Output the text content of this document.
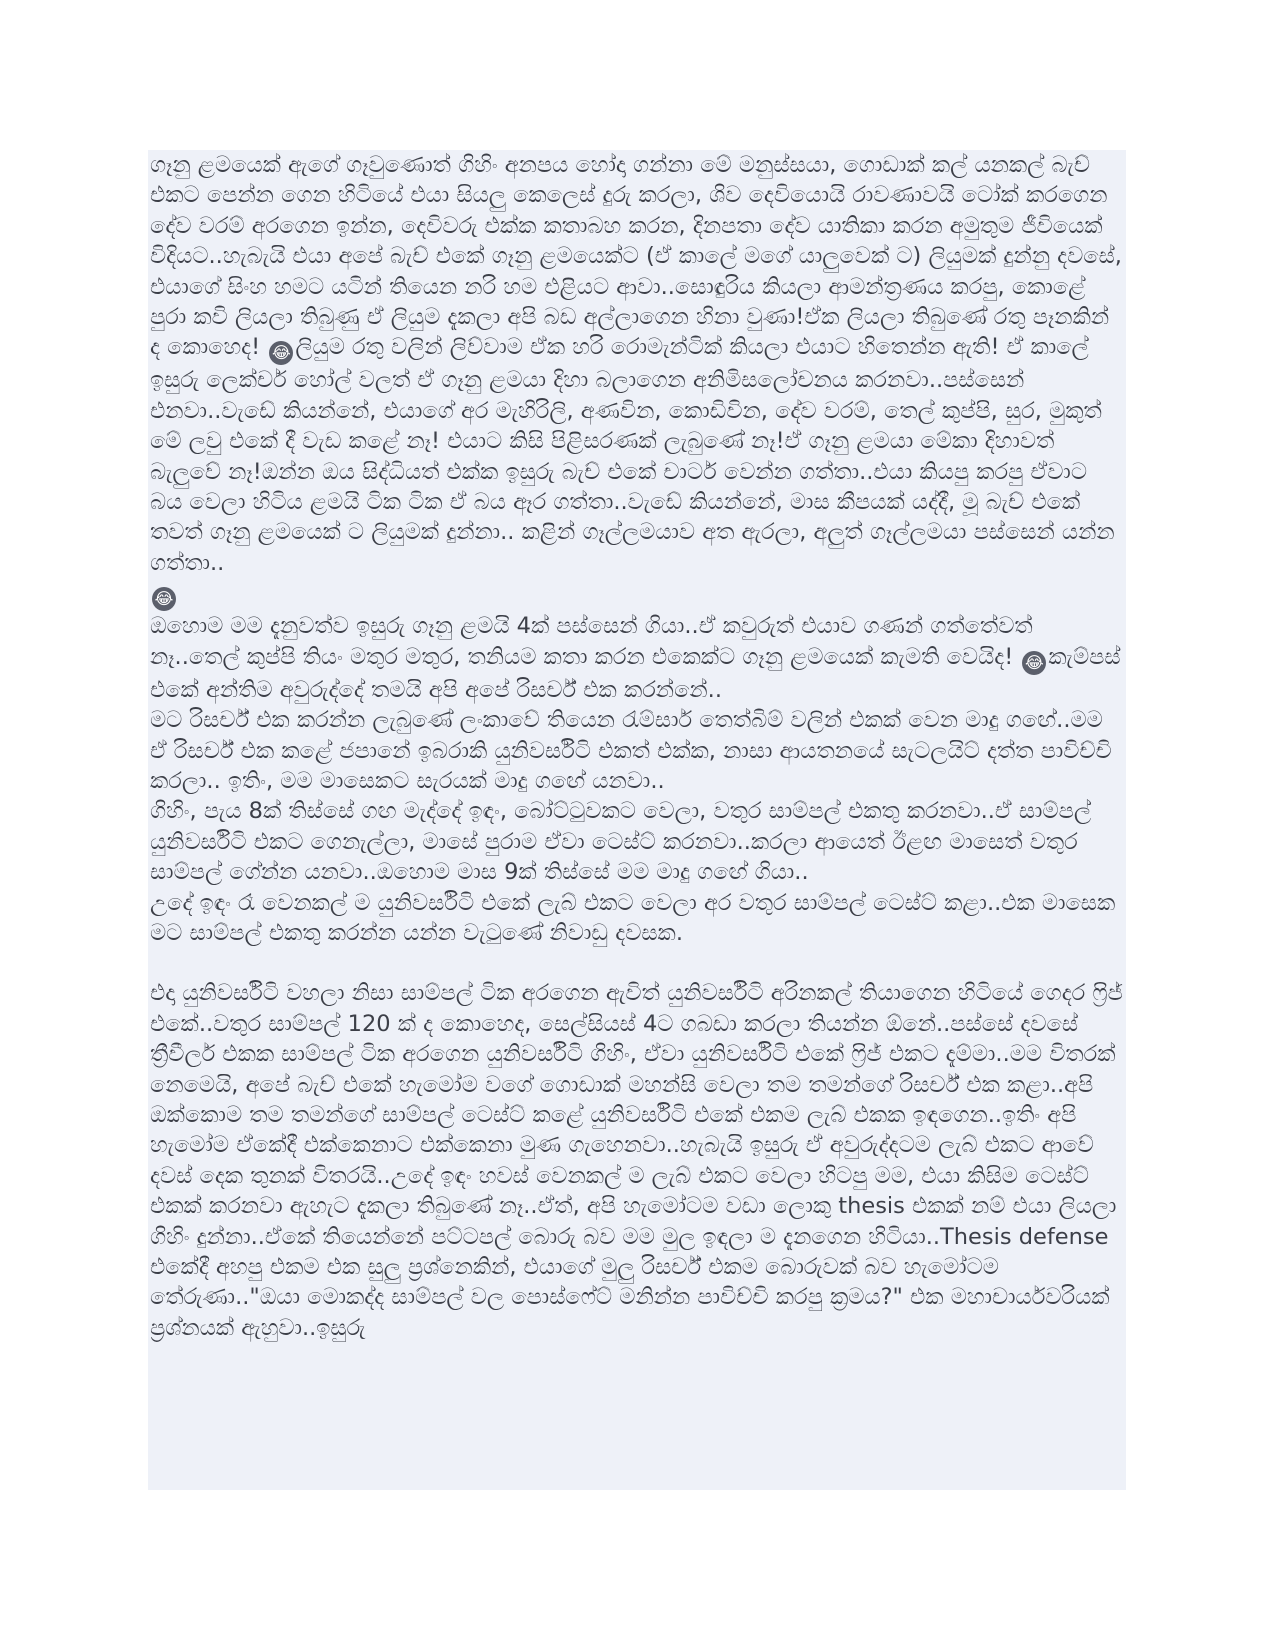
ගෑනු ළමයෙක් ඇගේ ගෑවුණොත් ගිහිං අනපය හෝදා ගන්නා මේ මනුස්සයා, ගොඩාක් කල් යනකල් බැච් එකට පෙන්න ගෙන හිටියේ එයා සියලු කෙලෙස් දුරු කරලා, ශිව දෙවියොයි රාවණාවයි ටෝක් කරගෙන දේව වරම් අරගෙන ඉන්න, දෙවිවරු එක්ක කතාබහ කරන, දිනපතා දේව යාතිකා කරන අමුතුම ජීවියෙක් විදියට..හැබැයි එයා අපේ බැච් එකේ ගෑනු ළමයෙක්ට (ඒ කාලේ මගේ යාලුවෙක් ට) ලියුමක් දුන්නු දවසේ, එයාගේ සිංහ හමට යටින් තියෙන නරි හම එළියට ආවා..සොඳුරිය කියලා ආමන්ත්‍රණය කරපු, කොළේ පුරා කවි ලියලා තිබුණු ඒ ලියුම දැකලා අපි බඩ අල්ලාගෙන හිනා වුණා!ඒක ලියලා තිබුණේ රතු පෑනකින් ද කොහෙද! 😂 ලියුම රතු වලින් ලිව්වාම ඒක හරි රොමැන්ටික් කියලා එයාට හිතෙන්න ඇති! ඒ කාලේ ඉසුරු ලෙක්චර් හෝල් වලත් ඒ ගෑනු ළමයා දිහා බලාගෙන අනිමිසලෝචනය කරනවා..පස්සෙන් එනවා..වැඩේ කියන්නේ, එයාගේ අර මැහිරිලි, අණවින, කොඩිවින, දේව වරම්, තෙල් කුප්පි, සුර, මුකුත් මේ ලවු එකේ දී වැඩ කළේ නෑ! එයාට කිසි පිළිසරණක් ලැබුණේ නෑ!ඒ ගෑනු ළමයා මේකා දිහාවත් බැලුවේ නෑ!ඔන්න ඔය සිද්ධියත් එක්ක ඉසුරු බැච් එකේ චාටර් වෙන්න ගත්තා..එයා කියපු කරපු ඒවාට බය වෙලා හිටිය ළමයි ටික ටික ඒ බය ඈර ගත්තා..වැඩේ කියන්නේ, මාස කීපයක් යද්දී, මූ බැච් එකේ තවත් ගෑනු ළමයෙක් ට ලියුමක් දුන්නා.. කළින් ගෑල්ලමයාව අත ඇරලා, අලුත් ගෑල්ලමයා පස්සෙන් යන්න ගත්තා..
😂

ඔහොම මම දැනුවත්ව ඉසුරු ගෑනු ළමයි 4ක් පස්සෙන් ගියා..ඒ කවුරුත් එයාව ගණන් ගත්තේවත් නෑ..තෙල් කුප්පි තියං මතුර මතුර, තනියම කතා කරන එකෙක්ට ගෑනු ළමයෙක් කැමති වෙයිද! 😂 කැම්පස් එකේ අන්තිම අවුරුද්දේ තමයි අපි අපේ රිසර්ච් එක කරන්නේ..

මට රිසර්ච් එක කරන්න ලැබුණේ ලංකාවේ තියෙන රැම්සාර් තෙත්බිම් වලින් එකක් වෙන මාදු ගඟේ..මම ඒ රිසර්ච් එක කළේ ජපානේ ඉබරාකි යුනිවර්සිටි එකත් එක්ක, නාසා ආයතනයේ සැටලයිට් දත්ත පාවිච්චි කරලා.. ඉතිං, මම මාසෙකට සැරයක් මාදු ගඟේ යනවා..

ගිහිං, පැය 8ක් තිස්සේ ගඟ මැද්දේ ඉඳං, බෝට්ටුවකට වෙලා, වතුර සාම්පල් එකතු කරනවා..ඒ සාම්පල් යුනිවර්සිටි එකට ගෙනැල්ලා, මාසේ පුරාම ඒවා ටෙස්ට් කරනවා..කරලා ආයෙත් ඊළඟ මාසෙත් වතුර සාම්පල් ගේන්න යනවා..ඔහොම මාස 9ක් තිස්සේ මම මාදු ගඟේ ගියා..

උදේ ඉඳං රෑ වෙනකල් ම යුනිවර්සිටි එකේ ලැබ් එකට වෙලා අර වතුර සාම්පල් ටෙස්ට් කළා..එක මාසෙක මට සාම්පල් එකතු කරන්න යන්න වැටුණේ නිවාඩු දවසක.

එදා යුනිවර්සිටි වහලා නිසා සාම්පල් ටික අරගෙන ඇවිත් යුනිවර්සිටි අරිනකල් තියාගෙන හිටියේ ගෙදර ෆ්‍රිජ් එකේ..වතුර සාම්පල් 120 ක් ද කොහෙද, සෙල්සියස් 4ට ගබඩා කරලා තියන්න ඕනේ..පස්සේ දවසේ ත්‍රීවීලර් එකක සාම්පල් ටික අරගෙන යුනිවර්සිටි ගිහිං, ඒවා යුනිවර්සිටි එකේ ෆ්‍රිජ් එකට දැම්මා..මම විතරක් නෙමෙයි, අපේ බැච් එකේ හැමෝම වගේ ගොඩාක් මහන්සි වෙලා තම තමන්ගේ රිසර්ච් එක කළා..අපි ඔක්කොම තම තමන්ගේ සාම්පල් ටෙස්ට් කළේ යුනිවර්සිටි එකේ එකම ලැබ් එකක ඉඳගෙන..ඉතිං අපි හැමෝම ඒකේදී එක්කෙනාට එක්කෙනා මුණ ගැහෙනවා..හැබැයි ඉසුරු ඒ අවුරුද්දටම ලැබ් එකට ආවේ දවස් දෙක තුනක් විතරයි..උදේ ඉඳං හවස් වෙනකල් ම ලැබ් එකට වෙලා හිටපු මම, එයා කිසිම ටෙස්ට් එකක් කරනවා ඇහැට දැකලා තිබුණේ නෑ..ඒත්, අපි හැමෝටම වඩා ලොකු thesis එකක් නම් එයා ලියලා ගිහිං දුන්නා..ඒකේ තියෙන්නේ පට්ටපල් බොරු බව මම මුල ඉඳලා ම දැනගෙන හිටියා..Thesis defense එකේදී අහපු එකම එක සුලු ප්‍රශ්නෙකින්, එයාගේ මුලු රිසර්ච් එකම බොරුවක් බව හැමෝටම තේරුණා.."ඔයා මොකද්ද සාම්පල් වල පොස්ෆේට් මනින්න පාවිච්චි කරපු ක්‍රමය?" එක මහාචාර්යවරියක් ප්‍රශ්නයක් ඇහුවා..ඉසුරු
